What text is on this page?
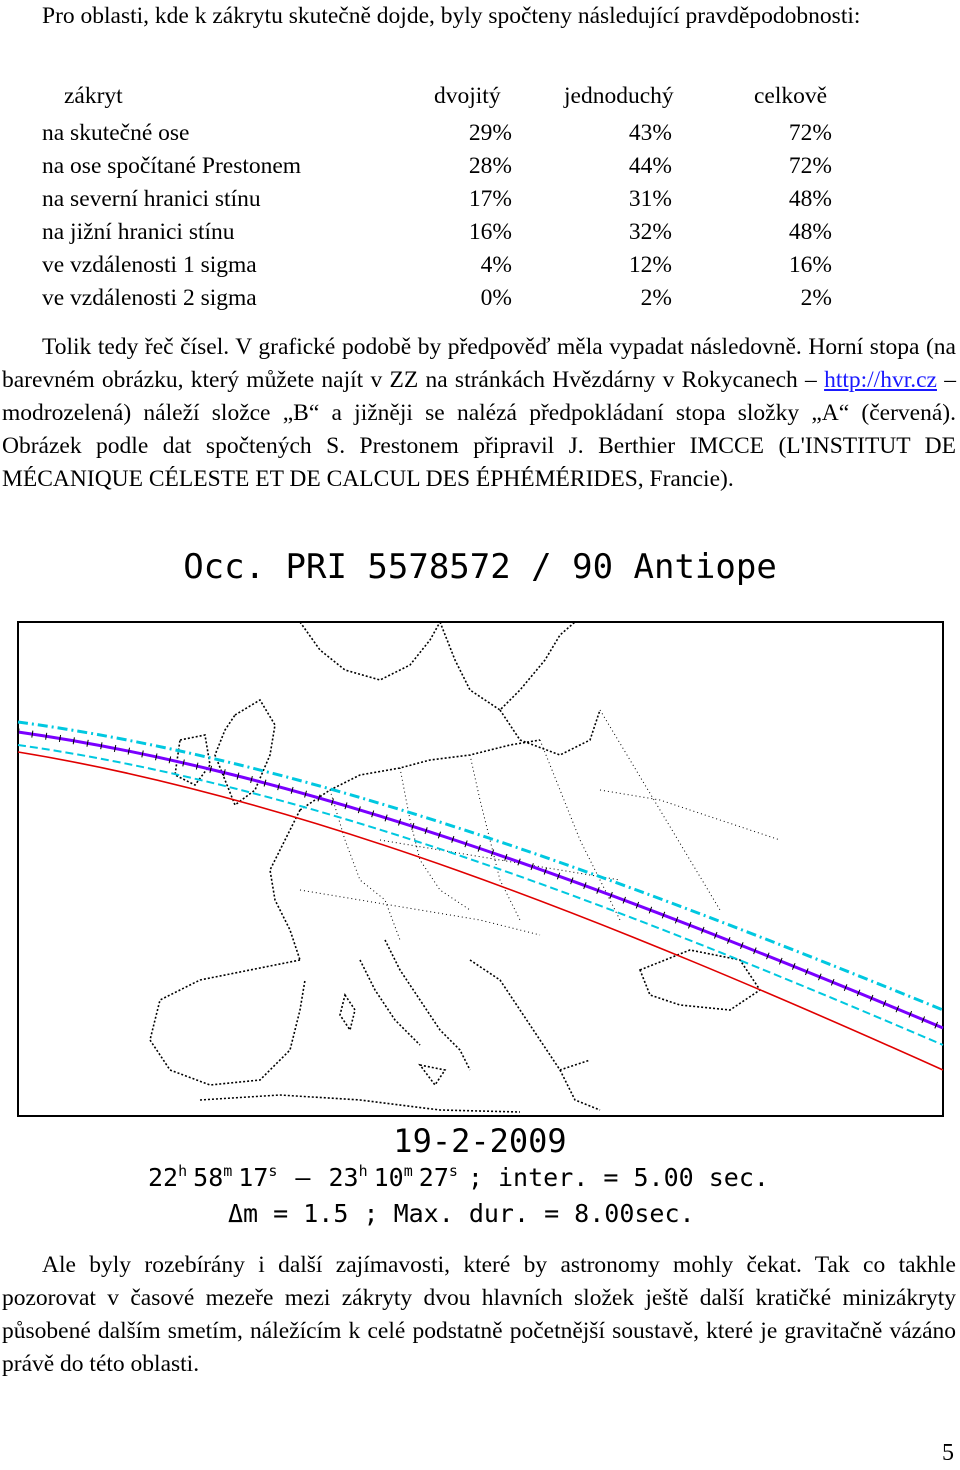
Pro oblasti, kde k zákrytu skutečně dojde, byly spočteny následující pravděpodobnosti:
zákryt	dvojitý	jednoduchý	celkově
na skutečné ose	29%	43%	72%
na ose spočítané Prestonem	28%	44%	72%
na severní hranici stínu	17%	31%	48%
na jižní hranici stínu	16%	32%	48%
ve vzdálenosti 1 sigma	4%	12%	16%
ve vzdálenosti 2 sigma	0%	2%	2%
Tolik tedy řeč čísel. V grafické podobě by předpověď měla vypadat následovně. Horní stopa (na barevném obrázku, který můžete najít v ZZ na stránkách Hvězdárny v Rokycanech – http://hvr.cz – modrozelená) náleží složce „B“ a jižněji se nalézá předpokládaní stopa složky „A“ (červená). Obrázek podle dat spočtených S. Prestonem připravil J. Berthier IMCCE (L'INSTITUT DE MÉCANIQUE CÉLESTE ET DE CALCUL DES ÉPHÉMÉRIDES, Francie).
Occ. PRI 5578572 / 90 Antiope
19-2-2009
22$^h$ 58$^m$ 17$^s$ – 23$^h$ 10$^m$ 27$^s$ ; inter. = 5.00 sec.
Δm = 1.5 ; Max. dur. = 8.00sec.
Ale byly rozebírány i další zajímavosti, které by astronomy mohly čekat. Tak co takhle pozorovat v časové mezeře mezi zákryty dvou hlavních složek ještě další kratičké minizákryty působené dalším smetím, náležícím k celé podstatně početnější soustavě, které je gravitačně vázáno právě do této oblasti.
5
